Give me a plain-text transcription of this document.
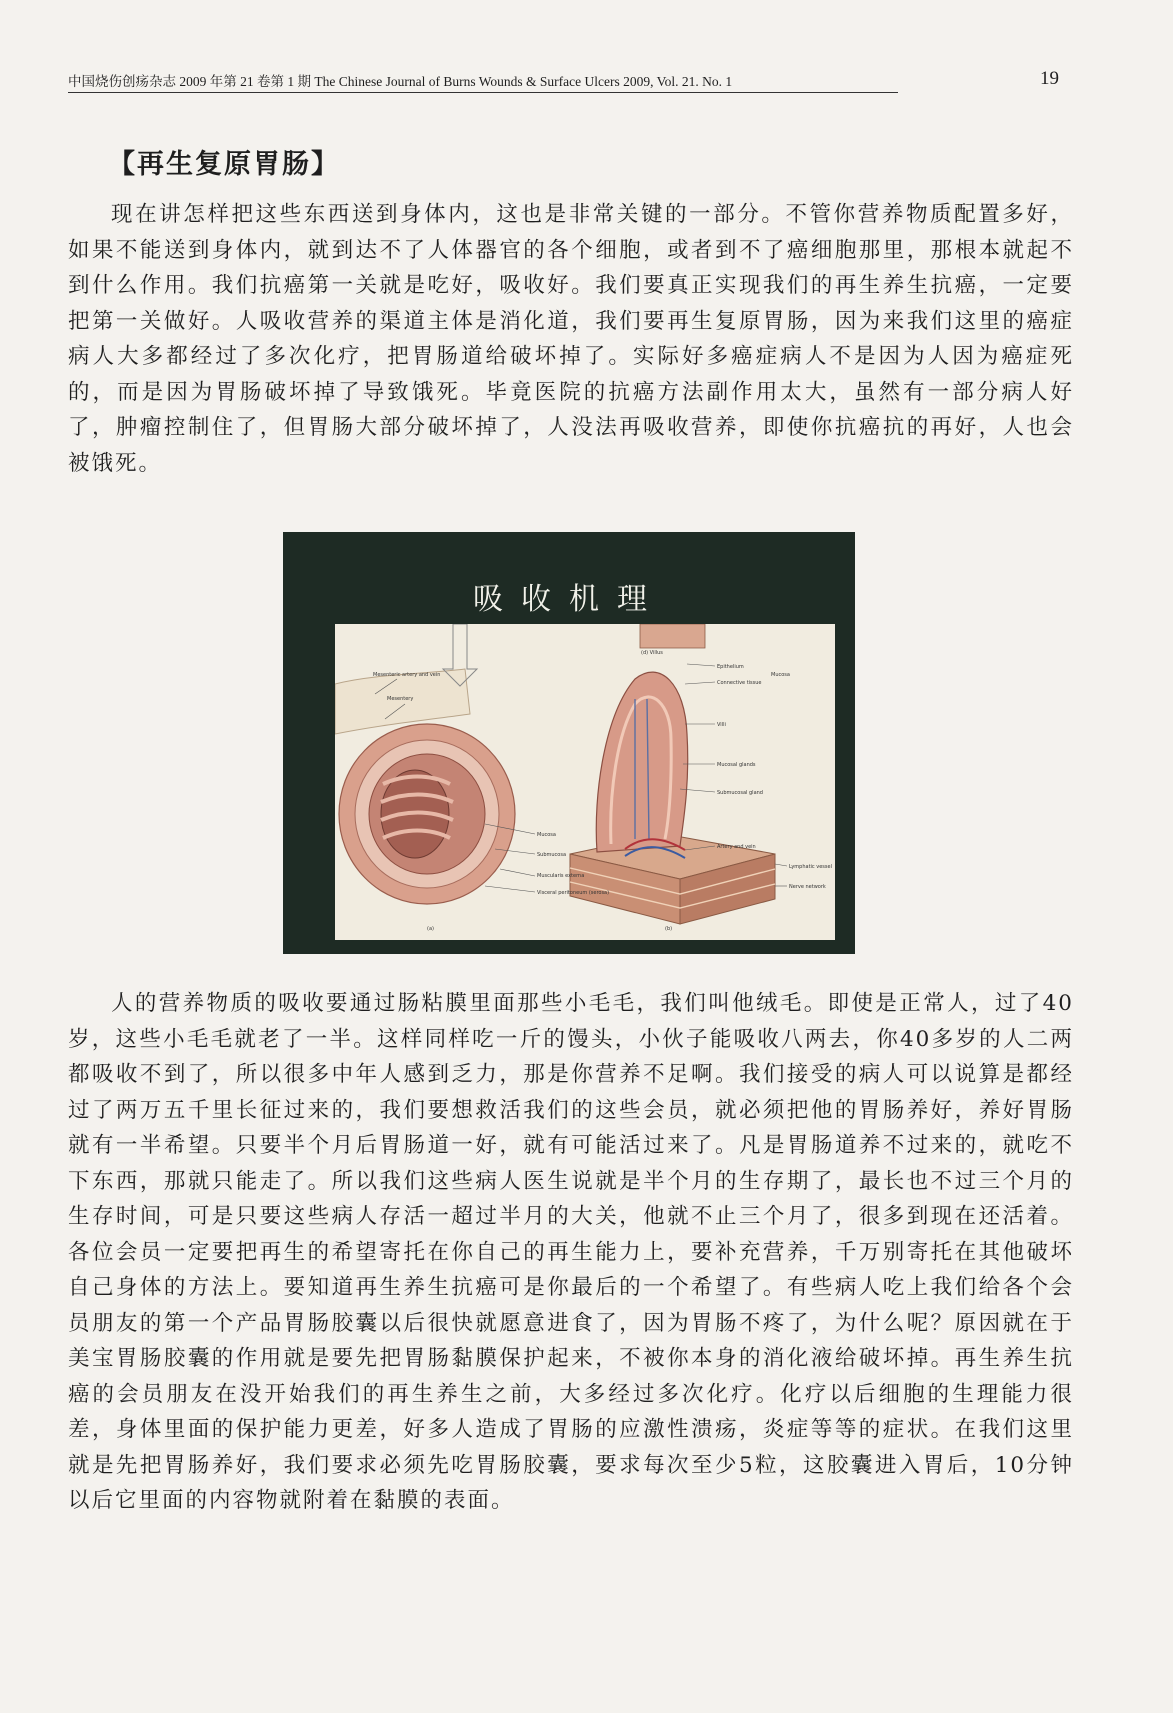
中国烧伤创疡杂志 2009 年第 21 卷第 1 期 The Chinese Journal of Burns Wounds & Surface Ulcers 2009, Vol. 21. No. 1	19
【再生复原胃肠】

现在讲怎样把这些东西送到身体内，这也是非常关键的一部分。不管你营养物质配置多好，如果不能送到身体内，就到达不了人体器官的各个细胞，或者到不了癌细胞那里，那根本就起不到什么作用。我们抗癌第一关就是吃好，吸收好。我们要真正实现我们的再生养生抗癌，一定要把第一关做好。人吸收营养的渠道主体是消化道，我们要再生复原胃肠，因为来我们这里的癌症病人大多都经过了多次化疗，把胃肠道给破坏掉了。实际好多癌症病人不是因为人因为癌症死的，而是因为胃肠破坏掉了导致饿死。毕竟医院的抗癌方法副作用太大，虽然有一部分病人好了，肿瘤控制住了，但胃肠大部分破坏掉了，人没法再吸收营养，即使你抗癌抗的再好，人也会被饿死。

吸收机理
Mesenteric artery and vein
Mesentery
Mucosa
Submucosa
Muscularis externa
Visceral peritoneum (serosa)
(d) Villus
Epithelium
Connective tissue
Mucosa
Villi
Mucosal glands
Submucosal gland
Artery and vein
Lymphatic vessel
Nerve network
(a)	(b)

人的营养物质的吸收要通过肠粘膜里面那些小毛毛，我们叫他绒毛。即使是正常人，过了40岁，这些小毛毛就老了一半。这样同样吃一斤的馒头，小伙子能吸收八两去，你40多岁的人二两都吸收不到了，所以很多中年人感到乏力，那是你营养不足啊。我们接受的病人可以说算是都经过了两万五千里长征过来的，我们要想救活我们的这些会员，就必须把他的胃肠养好，养好胃肠就有一半希望。只要半个月后胃肠道一好，就有可能活过来了。凡是胃肠道养不过来的，就吃不下东西，那就只能走了。所以我们这些病人医生说就是半个月的生存期了，最长也不过三个月的生存时间，可是只要这些病人存活一超过半月的大关，他就不止三个月了，很多到现在还活着。各位会员一定要把再生的希望寄托在你自己的再生能力上，要补充营养，千万别寄托在其他破坏自己身体的方法上。要知道再生养生抗癌可是你最后的一个希望了。有些病人吃上我们给各个会员朋友的第一个产品胃肠胶囊以后很快就愿意进食了，因为胃肠不疼了，为什么呢？原因就在于美宝胃肠胶囊的作用就是要先把胃肠黏膜保护起来，不被你本身的消化液给破坏掉。再生养生抗癌的会员朋友在没开始我们的再生养生之前，大多经过多次化疗。化疗以后细胞的生理能力很差，身体里面的保护能力更差，好多人造成了胃肠的应激性溃疡，炎症等等的症状。在我们这里就是先把胃肠养好，我们要求必须先吃胃肠胶囊，要求每次至少5粒，这胶囊进入胃后，10分钟以后它里面的内容物就附着在黏膜的表面。
